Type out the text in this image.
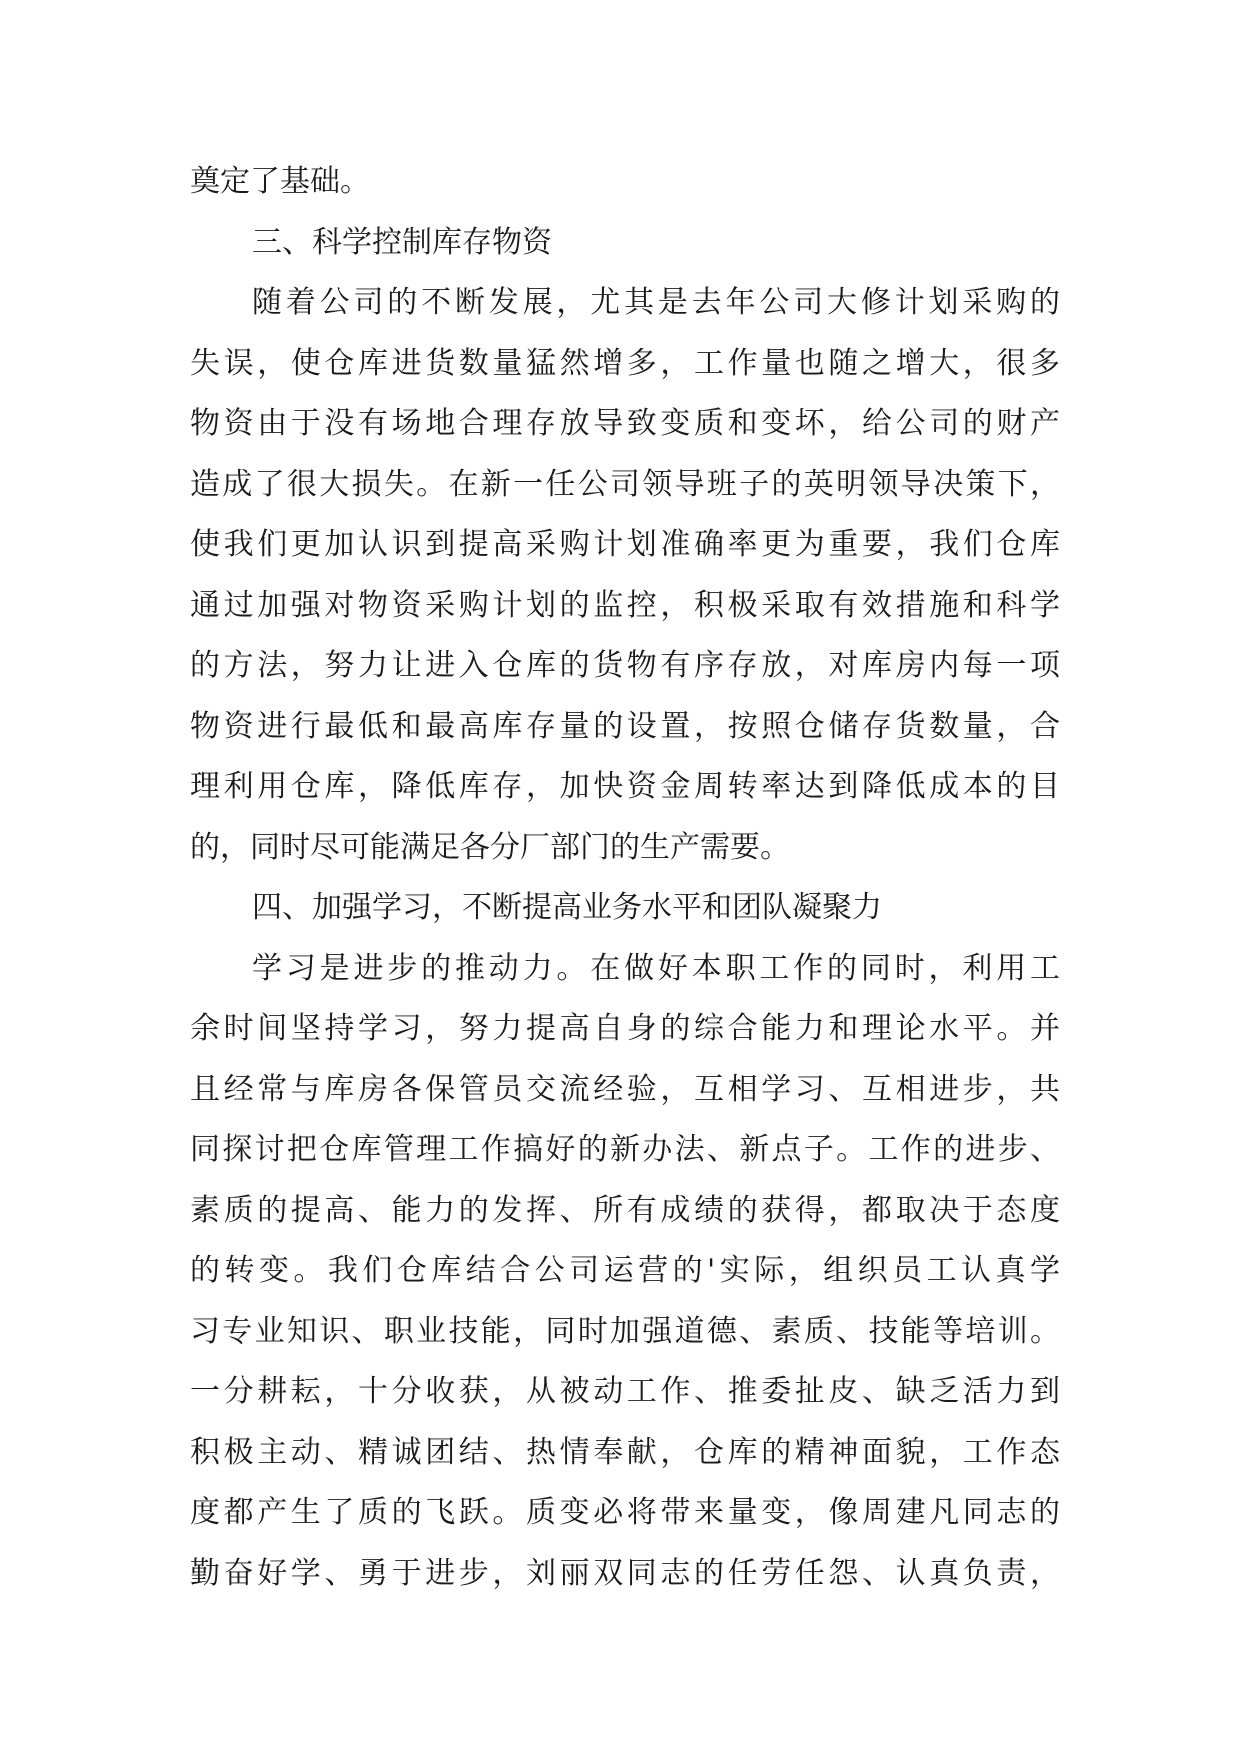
奠定了基础。
三、科学控制库存物资
随着公司的不断发展，尤其是去年公司大修计划采购的
失误，使仓库进货数量猛然增多，工作量也随之增大，很多
物资由于没有场地合理存放导致变质和变坏，给公司的财产
造成了很大损失。在新一任公司领导班子的英明领导决策下，
使我们更加认识到提高采购计划准确率更为重要，我们仓库
通过加强对物资采购计划的监控，积极采取有效措施和科学
的方法，努力让进入仓库的货物有序存放，对库房内每一项
物资进行最低和最高库存量的设置，按照仓储存货数量，合
理利用仓库，降低库存，加快资金周转率达到降低成本的目
的，同时尽可能满足各分厂部门的生产需要。
四、加强学习，不断提高业务水平和团队凝聚力
学习是进步的推动力。在做好本职工作的同时，利用工
余时间坚持学习，努力提高自身的综合能力和理论水平。并
且经常与库房各保管员交流经验，互相学习、互相进步，共
同探讨把仓库管理工作搞好的新办法、新点子。工作的进步、
素质的提高、能力的发挥、所有成绩的获得，都取决于态度
的转变。我们仓库结合公司运营的'实际，组织员工认真学
习专业知识、职业技能，同时加强道德、素质、技能等培训。
一分耕耘，十分收获，从被动工作、推委扯皮、缺乏活力到
积极主动、精诚团结、热情奉献，仓库的精神面貌，工作态
度都产生了质的飞跃。质变必将带来量变，像周建凡同志的
勤奋好学、勇于进步，刘丽双同志的任劳任怨、认真负责，
